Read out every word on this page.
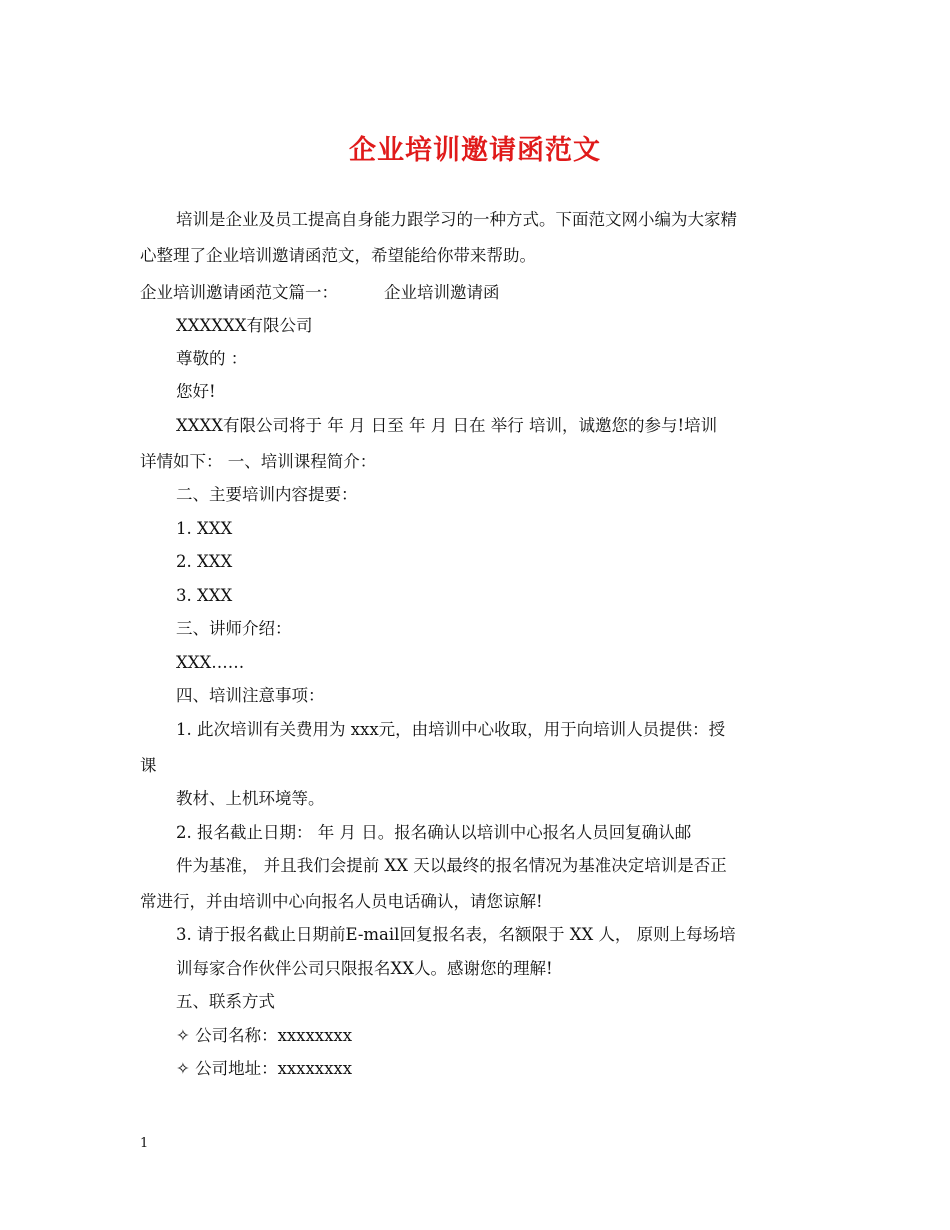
企业培训邀请函范文
培训是企业及员工提高自身能力跟学习的一种方式。下面范文网小编为大家精
心整理了企业培训邀请函范文，希望能给你带来帮助。
企业培训邀请函范文篇一：	企业培训邀请函
XXXXXX有限公司
尊敬的 ：
您好!
XXXX有限公司将于 年 月 日至 年 月 日在 举行 培训，诚邀您的参与!培训
详情如下： 一、培训课程简介：
二、主要培训内容提要：
1. XXX
2. XXX
3. XXX
三、讲师介绍：
XXX……
四、培训注意事项：
1. 此次培训有关费用为 xxx元，由培训中心收取，用于向培训人员提供：授
课
教材、上机环境等。
2. 报名截止日期： 年 月 日。报名确认以培训中心报名人员回复确认邮
件为基准， 并且我们会提前 XX 天以最终的报名情况为基准决定培训是否正
常进行，并由培训中心向报名人员电话确认，请您谅解!
3. 请于报名截止日期前E-mail回复报名表，名额限于 XX 人， 原则上每场培
训每家合作伙伴公司只限报名XX人。感谢您的理解!
五、联系方式
✧ 公司名称：xxxxxxxx
✧ 公司地址：xxxxxxxx
1
